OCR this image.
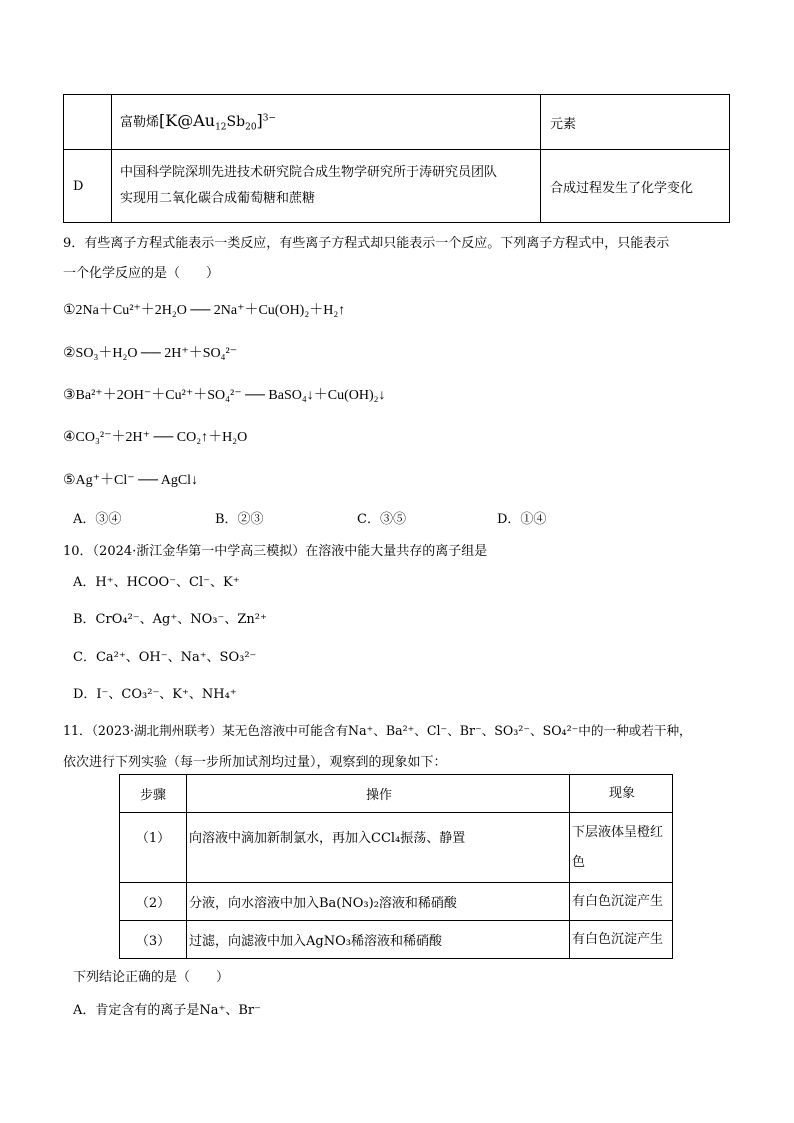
	富勒烯$[K@Au_{12}Sb_{20}]^{3-}$	元素
D	中国科学院深圳先进技术研究院合成生物学研究所于涛研究员团队
实现用二氧化碳合成葡萄糖和蔗糖	合成过程发生了化学变化
9．有些离子方程式能表示一类反应，有些离子方程式却只能表示一个反应。下列离子方程式中，只能表示
一个化学反应的是（　　）
①2Na＋Cu²⁺＋2H₂O ── 2Na⁺＋Cu(OH)₂＋H₂↑
②SO₃＋H₂O ── 2H⁺＋SO₄²⁻
③Ba²⁺＋2OH⁻＋Cu²⁺＋SO₄²⁻ ── BaSO₄↓＋Cu(OH)₂↓
④CO₃²⁻＋2H⁺ ── CO₂↑＋H₂O
⑤Ag⁺＋Cl⁻ ── AgCl↓
A．③④	B．②③	C．③⑤	D．①④
10．（2024·浙江金华第一中学高三模拟）在溶液中能大量共存的离子组是
A．H⁺、HCOO⁻、Cl⁻、K⁺
B．CrO₄²⁻、Ag⁺、NO₃⁻、Zn²⁺
C．Ca²⁺、OH⁻、Na⁺、SO₃²⁻
D．I⁻、CO₃²⁻、K⁺、NH₄⁺
11．（2023·湖北荆州联考）某无色溶液中可能含有Na⁺、Ba²⁺、Cl⁻、Br⁻、SO₃²⁻、SO₄²⁻中的一种或若干种，
依次进行下列实验（每一步所加试剂均过量），观察到的现象如下：
步骤	操作	现象
（1）	向溶液中滴加新制氯水，再加入CCl₄振荡、静置	下层液体呈橙红
色

（2）	分液，向水溶液中加入Ba(NO₃)₂溶液和稀硝酸	有白色沉淀产生
（3）	过滤，向滤液中加入AgNO₃稀溶液和稀硝酸	有白色沉淀产生
下列结论正确的是（　　）
A．肯定含有的离子是Na⁺、Br⁻
